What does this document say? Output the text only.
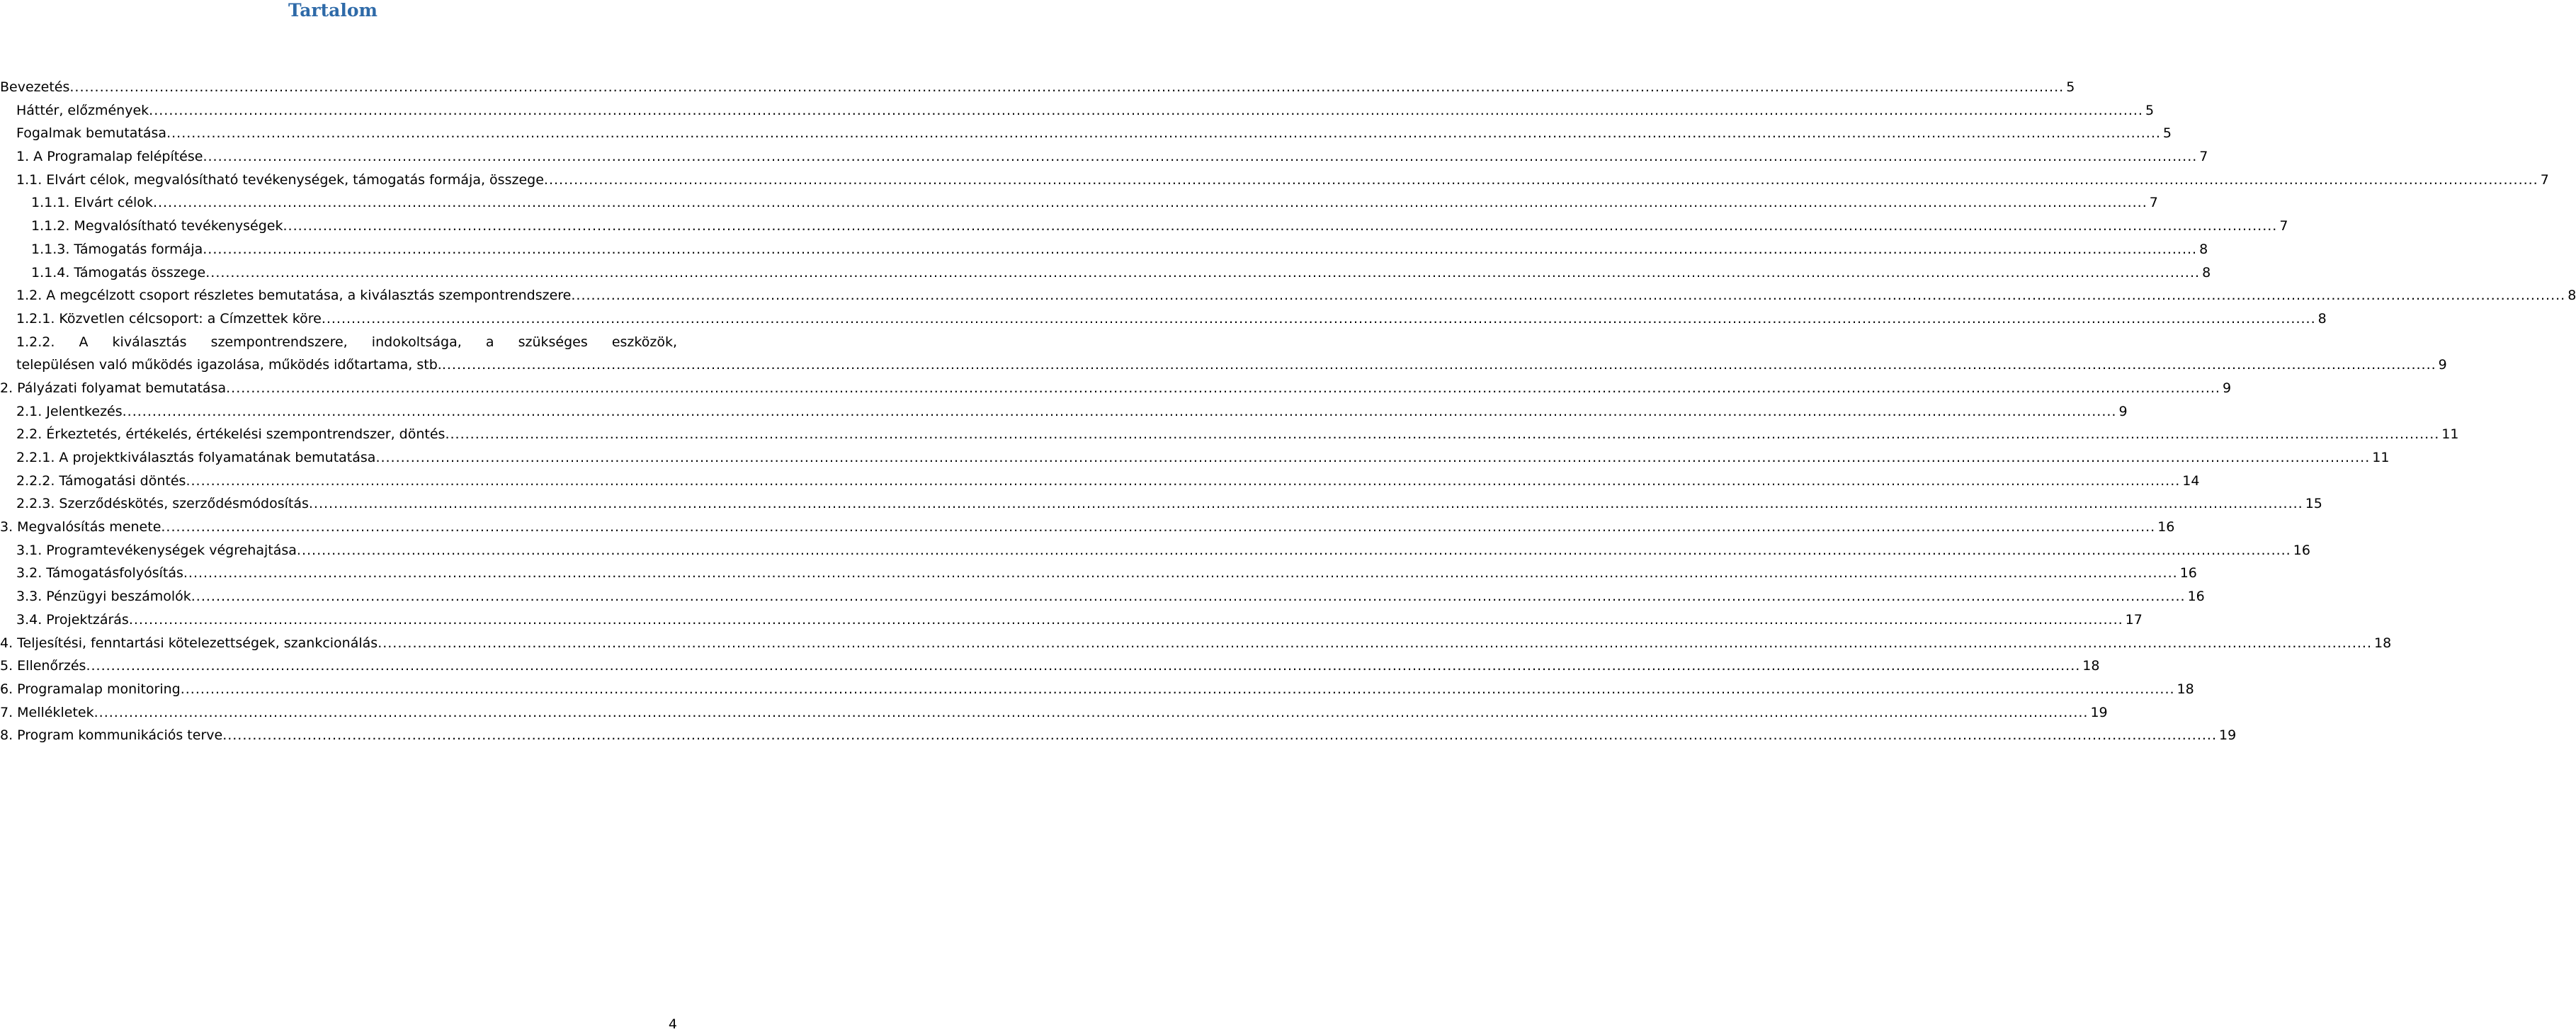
Tartalom
Bevezetés ................................................................................................................................................................................................................................................................................................................................................................................................................ 5
Háttér, előzmények ................................................................................................................................................................................................................................................................................................................................................................................................................ 5
Fogalmak bemutatása ................................................................................................................................................................................................................................................................................................................................................................................................................ 5
1. A Programalap felépítése ................................................................................................................................................................................................................................................................................................................................................................................................................ 7
1.1. Elvárt célok, megvalósítható tevékenységek, támogatás formája, összege ................................................................................................................................................................................................................................................................................................................................................................................................................ 7
1.1.1. Elvárt célok ................................................................................................................................................................................................................................................................................................................................................................................................................ 7
1.1.2. Megvalósítható tevékenységek ................................................................................................................................................................................................................................................................................................................................................................................................................ 7
1.1.3. Támogatás formája ................................................................................................................................................................................................................................................................................................................................................................................................................ 8
1.1.4. Támogatás összege ................................................................................................................................................................................................................................................................................................................................................................................................................ 8
1.2. A megcélzott csoport részletes bemutatása, a kiválasztás szempontrendszere ................................................................................................................................................................................................................................................................................................................................................................................................................ 8
1.2.1. Közvetlen célcsoport: a Címzettek köre ................................................................................................................................................................................................................................................................................................................................................................................................................ 8
1.2.2. A kiválasztás szempontrendszere, indokoltsága, a szükséges eszközök,
településen való működés igazolása, működés időtartama, stb. ................................................................................................................................................................................................................................................................................................................................................................................................................ 9
2. Pályázati folyamat bemutatása ................................................................................................................................................................................................................................................................................................................................................................................................................ 9
2.1. Jelentkezés ................................................................................................................................................................................................................................................................................................................................................................................................................ 9
2.2. Érkeztetés, értékelés, értékelési szempontrendszer, döntés ................................................................................................................................................................................................................................................................................................................................................................................................................ 11
2.2.1. A projektkiválasztás folyamatának bemutatása ................................................................................................................................................................................................................................................................................................................................................................................................................ 11
2.2.2. Támogatási döntés ................................................................................................................................................................................................................................................................................................................................................................................................................ 14
2.2.3. Szerződéskötés, szerződésmódosítás ................................................................................................................................................................................................................................................................................................................................................................................................................ 15
3. Megvalósítás menete ................................................................................................................................................................................................................................................................................................................................................................................................................ 16
3.1. Programtevékenységek végrehajtása ................................................................................................................................................................................................................................................................................................................................................................................................................ 16
3.2. Támogatásfolyósítás ................................................................................................................................................................................................................................................................................................................................................................................................................ 16
3.3. Pénzügyi beszámolók ................................................................................................................................................................................................................................................................................................................................................................................................................ 16
3.4. Projektzárás ................................................................................................................................................................................................................................................................................................................................................................................................................ 17
4. Teljesítési, fenntartási kötelezettségek, szankcionálás ................................................................................................................................................................................................................................................................................................................................................................................................................ 18
5. Ellenőrzés ................................................................................................................................................................................................................................................................................................................................................................................................................ 18
6. Programalap monitoring ................................................................................................................................................................................................................................................................................................................................................................................................................ 18
7. Mellékletek ................................................................................................................................................................................................................................................................................................................................................................................................................ 19
8. Program kommunikációs terve ................................................................................................................................................................................................................................................................................................................................................................................................................ 19
4
